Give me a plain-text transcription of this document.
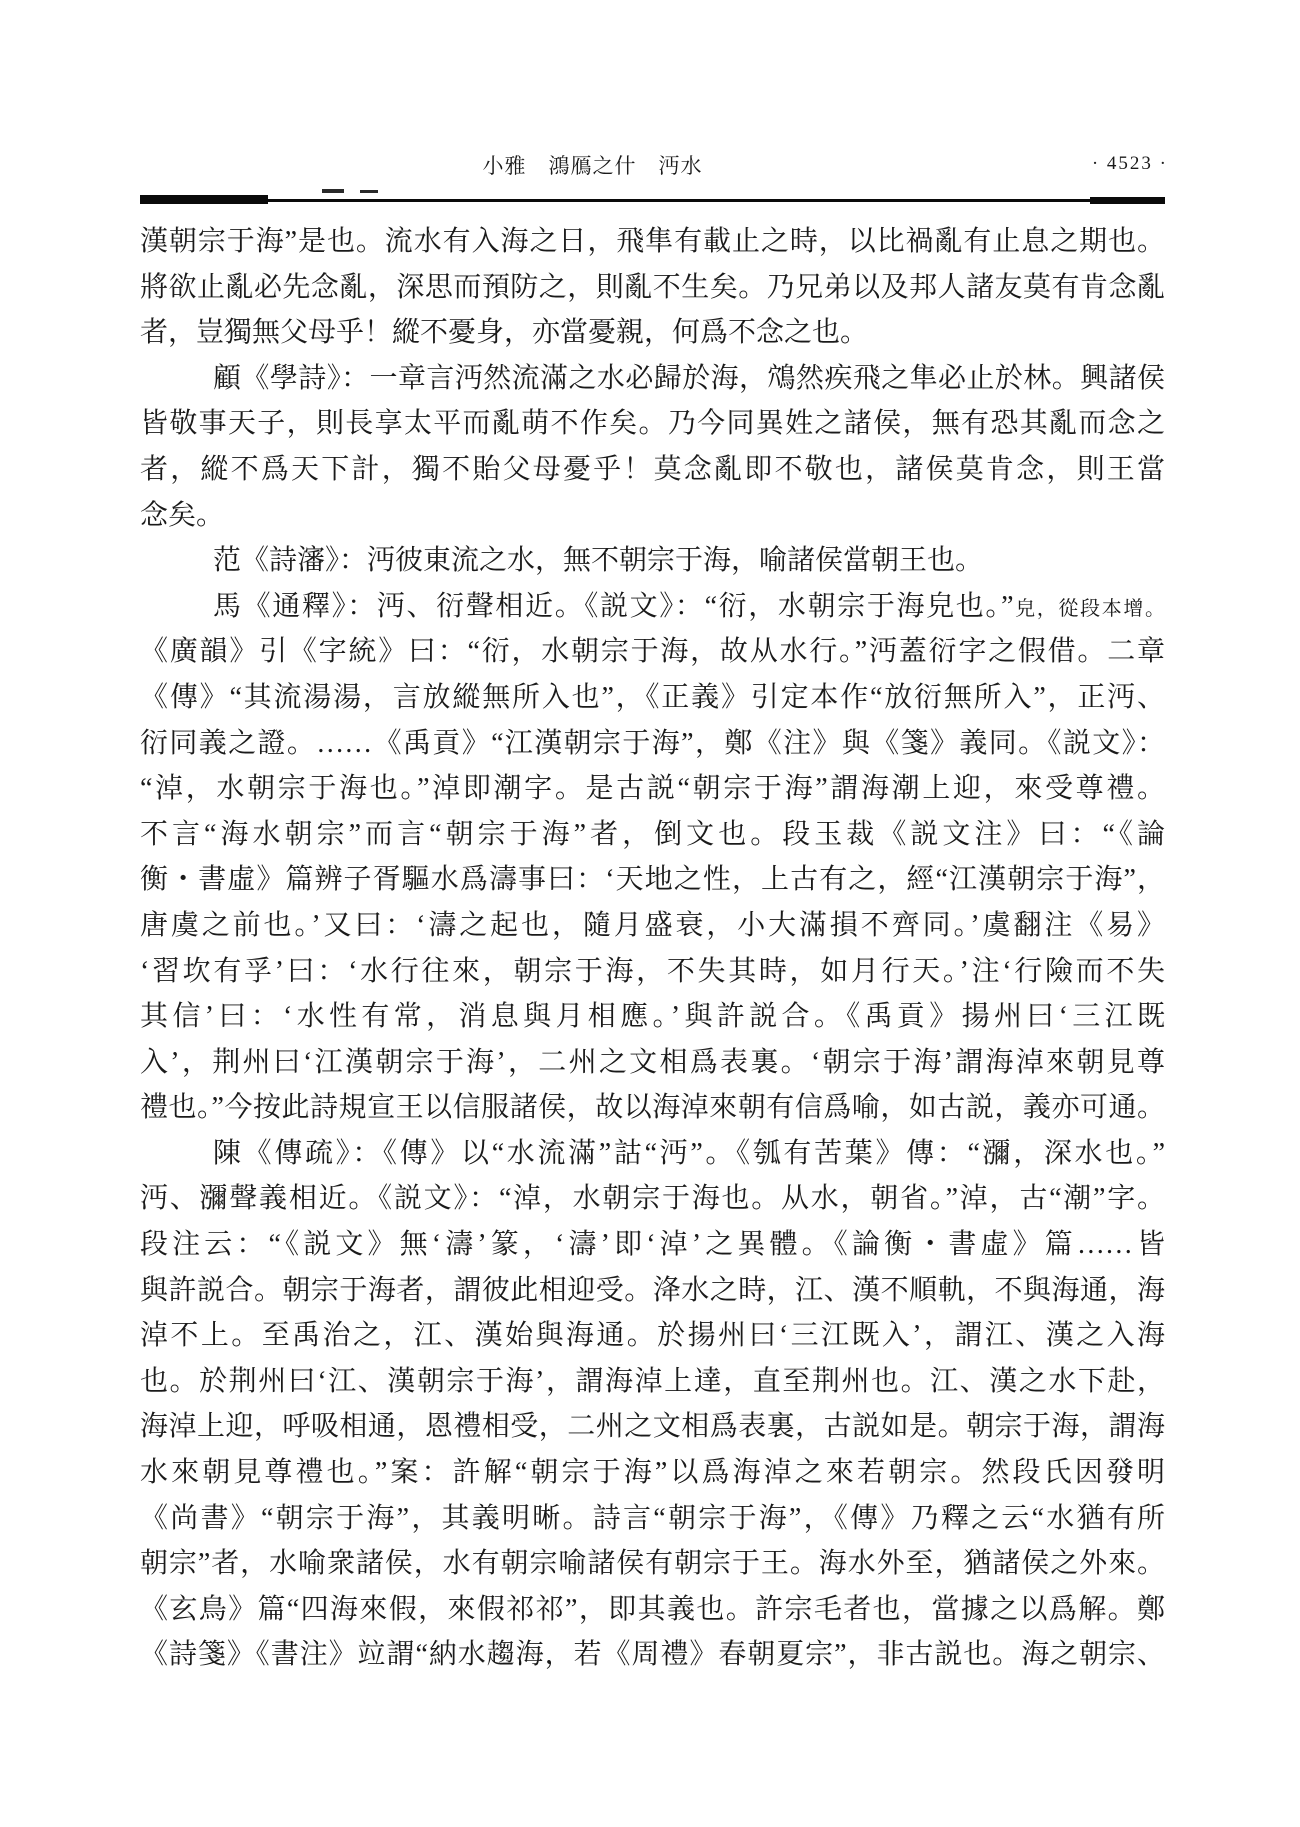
小雅　鴻鴈之什　沔水	· 4523 ·
漢朝宗于海”是也。流水有入海之日，飛隼有載止之時，以比禍亂有止息之期也。
將欲止亂必先念亂，深思而預防之，則亂不生矣。乃兄弟以及邦人諸友莫有肯念亂
者，豈獨無父母乎！縱不憂身，亦當憂親，何爲不念之也。
顧《學詩》：一章言沔然流滿之水必歸於海，鴪然疾飛之隼必止於林。興諸侯
皆敬事天子，則長享太平而亂萌不作矣。乃今同異姓之諸侯，無有恐其亂而念之
者，縱不爲天下計，獨不貽父母憂乎！莫念亂即不敬也，諸侯莫肯念，則王當
念矣。
范《詩瀋》：沔彼東流之水，無不朝宗于海，喻諸侯當朝王也。
馬《通釋》：沔、衍聲相近。《説文》：“衍，水朝宗于海皃也。”皃，從段本增。
《廣韻》引《字統》曰：“衍，水朝宗于海，故从水行。”沔蓋衍字之假借。二章
《傳》“其流湯湯，言放縱無所入也”，《正義》引定本作“放衍無所入”，正沔、
衍同義之證。……《禹貢》“江漢朝宗于海”，鄭《注》與《箋》義同。《説文》：
“淖，水朝宗于海也。”淖即潮字。是古説“朝宗于海”謂海潮上迎，來受尊禮。
不言“海水朝宗”而言“朝宗于海”者，倒文也。段玉裁《説文注》曰：“《論
衡・書虛》篇辨子胥驅水爲濤事曰：‘天地之性，上古有之，經“江漢朝宗于海”，
唐虞之前也。’又曰：‘濤之起也，隨月盛衰，小大滿損不齊同。’虞翻注《易》
‘習坎有孚’曰：‘水行往來，朝宗于海，不失其時，如月行天。’注‘行險而不失
其信’曰：‘水性有常，消息與月相應。’與許説合。《禹貢》揚州曰‘三江既
入’，荆州曰‘江漢朝宗于海’，二州之文相爲表裏。‘朝宗于海’謂海淖來朝見尊
禮也。”今按此詩規宣王以信服諸侯，故以海淖來朝有信爲喻，如古説，義亦可通。
陳《傳疏》：《傳》以“水流滿”詁“沔”。《瓠有苦葉》傳：“瀰，深水也。”
沔、瀰聲義相近。《説文》：“淖，水朝宗于海也。从水，朝省。”淖，古“潮”字。
段注云：“《説文》無‘濤’篆，‘濤’即‘淖’之異體。《論衡・書虛》篇……皆
與許説合。朝宗于海者，謂彼此相迎受。洚水之時，江、漢不順軌，不與海通，海
淖不上。至禹治之，江、漢始與海通。於揚州曰‘三江既入’，謂江、漢之入海
也。於荆州曰‘江、漢朝宗于海’，謂海淖上達，直至荆州也。江、漢之水下赴，
海淖上迎，呼吸相通，恩禮相受，二州之文相爲表裏，古説如是。朝宗于海，謂海
水來朝見尊禮也。”案：許解“朝宗于海”以爲海淖之來若朝宗。然段氏因發明
《尚書》“朝宗于海”，其義明晰。詩言“朝宗于海”，《傳》乃釋之云“水猶有所
朝宗”者，水喻衆諸侯，水有朝宗喻諸侯有朝宗于王。海水外至，猶諸侯之外來。
《玄鳥》篇“四海來假，來假祁祁”，即其義也。許宗毛者也，當據之以爲解。鄭
《詩箋》《書注》竝謂“納水趨海，若《周禮》春朝夏宗”，非古説也。海之朝宗、
